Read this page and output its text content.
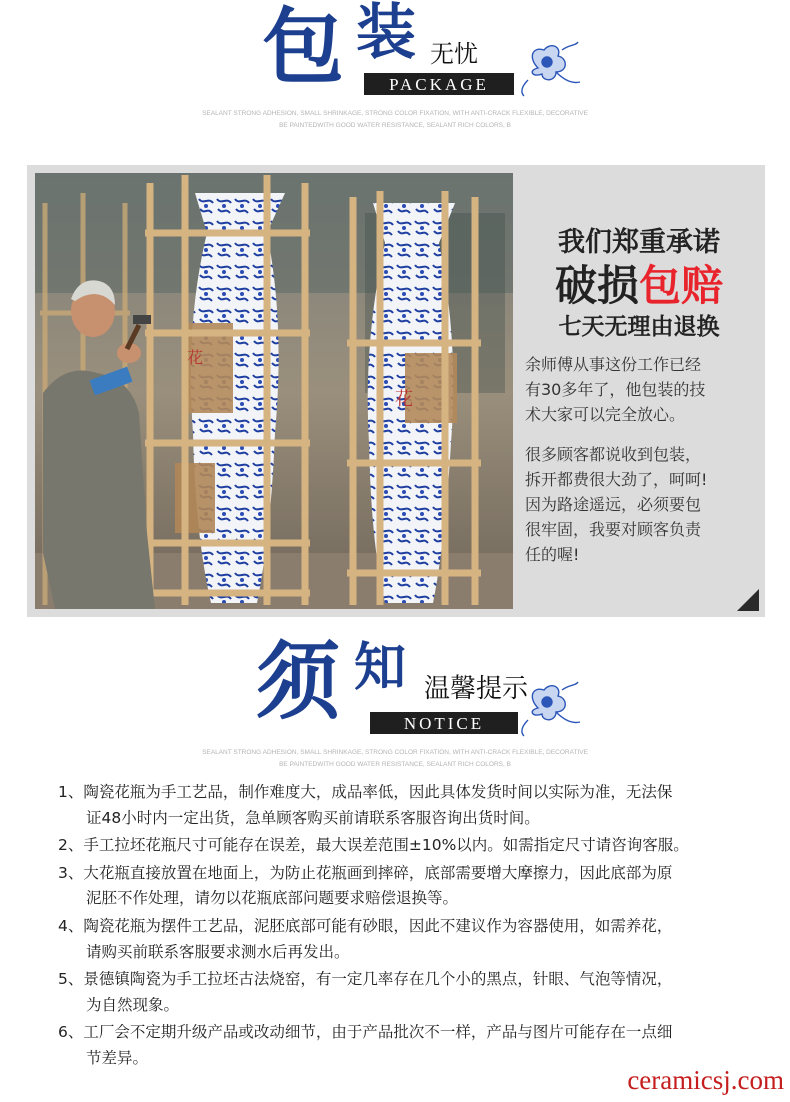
包 装 无忧
PACKAGE
SEALANT STRONG ADHESION, SMALL SHRINKAGE, STRONG COLOR FIXATION, WITH ANTI-CRACK FLEXIBLE, DECORATIVE
BE PAINTEDWITH GOOD WATER RESISTANCE, SEALANT RICH COLORS, B
花
花
我们郑重承诺
破损包赔
七天无理由退换
余师傅从事这份工作已经
有30多年了，他包装的技
术大家可以完全放心。
很多顾客都说收到包装，
拆开都费很大劲了，呵呵!
因为路途遥远，必须要包
很牢固，我要对顾客负责
任的喔!
须 知 温馨提示
NOTICE
SEALANT STRONG ADHESION, SMALL SHRINKAGE, STRONG COLOR FIXATION, WITH ANTI-CRACK FLEXIBLE, DECORATIVE
BE PAINTEDWITH GOOD WATER RESISTANCE, SEALANT RICH COLORS, B
1、陶瓷花瓶为手工艺品，制作难度大，成品率低，因此具体发货时间以实际为准，无法保
证48小时内一定出货，急单顾客购买前请联系客服咨询出货时间。
2、手工拉坯花瓶尺寸可能存在误差，最大误差范围±10%以内。如需指定尺寸请咨询客服。
3、大花瓶直接放置在地面上，为防止花瓶画到摔碎，底部需要增大摩擦力，因此底部为原
泥胚不作处理，请勿以花瓶底部问题要求赔偿退换等。
4、陶瓷花瓶为摆件工艺品，泥胚底部可能有砂眼，因此不建议作为容器使用，如需养花，
请购买前联系客服要求测水后再发出。
5、景德镇陶瓷为手工拉坯古法烧窑，有一定几率存在几个小的黑点，针眼、气泡等情况，
为自然现象。
6、工厂会不定期升级产品或改动细节，由于产品批次不一样，产品与图片可能存在一点细
节差异。
ceramicsj.com
